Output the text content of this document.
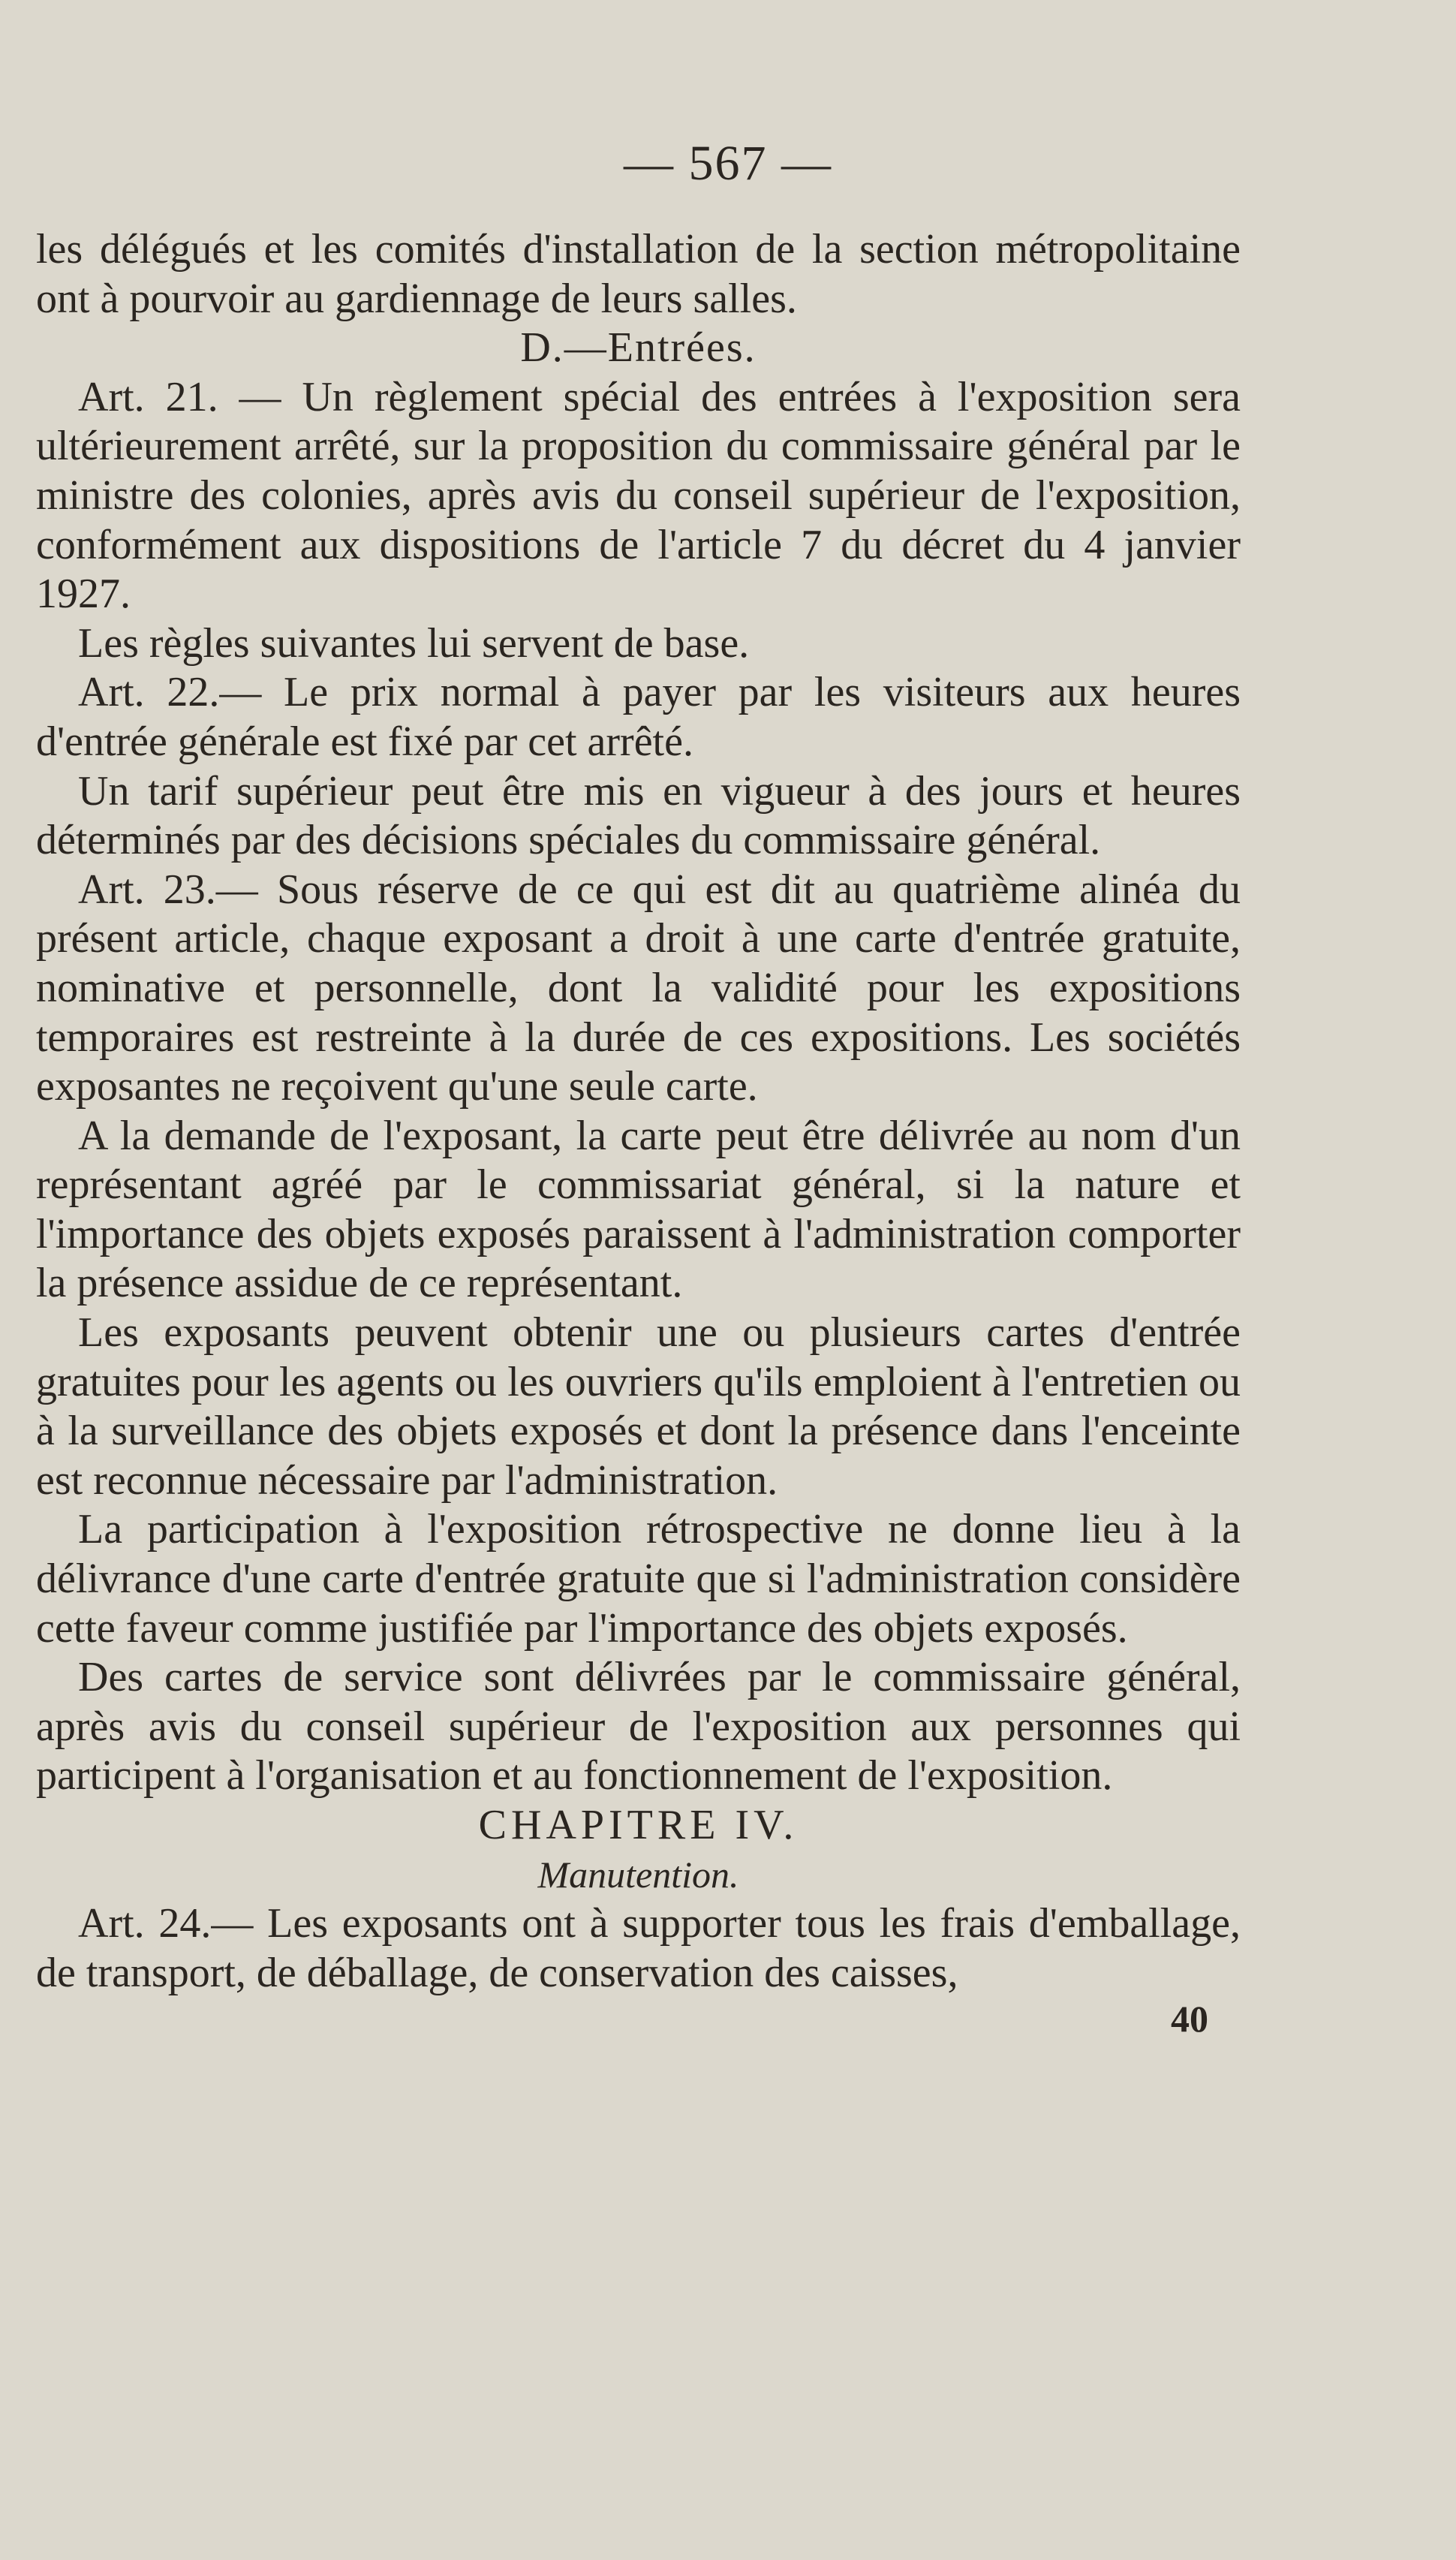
— 567 —

les délégués et les comités d'installation de la section métropolitaine ont à pourvoir au gardiennage de leurs salles.

D.—Entrées.

Art. 21. — Un règlement spécial des entrées à l'exposition sera ultérieurement arrêté, sur la proposition du commissaire général par le ministre des colonies, après avis du conseil supérieur de l'exposition, conformément aux dispositions de l'article 7 du décret du 4 janvier 1927.

Les règles suivantes lui servent de base.

Art. 22.— Le prix normal à payer par les visiteurs aux heures d'entrée générale est fixé par cet arrêté.

Un tarif supérieur peut être mis en vigueur à des jours et heures déterminés par des décisions spéciales du commissaire général.

Art. 23.— Sous réserve de ce qui est dit au quatrième alinéa du présent article, chaque exposant a droit à une carte d'entrée gratuite, nominative et personnelle, dont la validité pour les expositions temporaires est restreinte à la durée de ces expositions. Les sociétés exposantes ne reçoivent qu'une seule carte.

A la demande de l'exposant, la carte peut être délivrée au nom d'un représentant agréé par le commissariat général, si la nature et l'importance des objets exposés paraissent à l'administration comporter la présence assidue de ce représentant.

Les exposants peuvent obtenir une ou plusieurs cartes d'entrée gratuites pour les agents ou les ouvriers qu'ils emploient à l'entretien ou à la surveillance des objets exposés et dont la présence dans l'enceinte est reconnue nécessaire par l'administration.

La participation à l'exposition rétrospective ne donne lieu à la délivrance d'une carte d'entrée gratuite que si l'administration considère cette faveur comme justifiée par l'importance des objets exposés.

Des cartes de service sont délivrées par le commissaire général, après avis du conseil supérieur de l'exposition aux personnes qui participent à l'organisation et au fonctionnement de l'exposition.

CHAPITRE IV.

Manutention.

Art. 24.— Les exposants ont à supporter tous les frais d'emballage, de transport, de déballage, de conservation des caisses,

40
